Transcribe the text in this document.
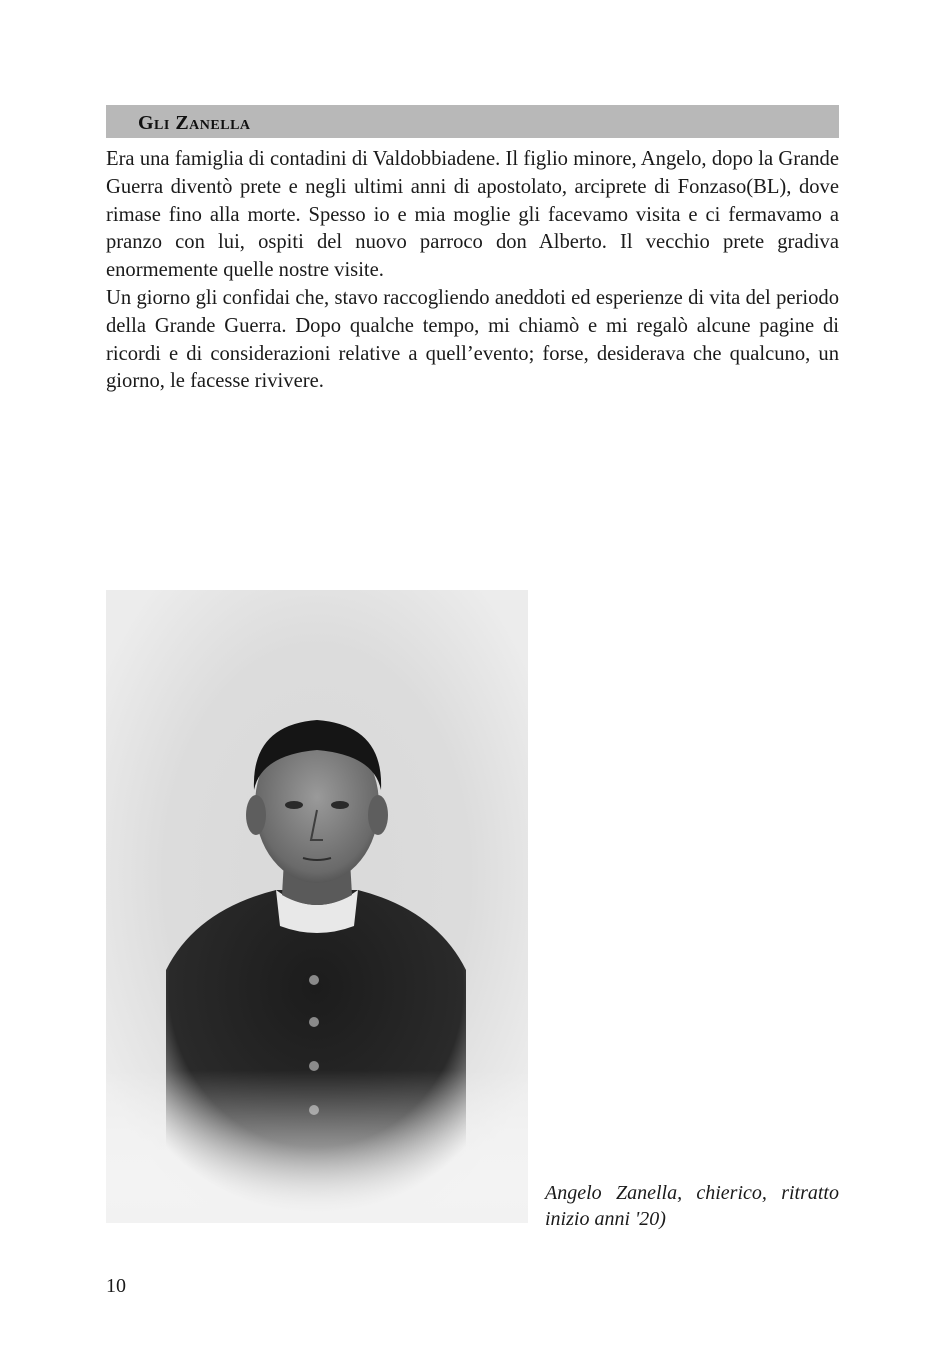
Gli Zanella

Era una famiglia di contadini di Valdobbiadene. Il figlio minore, Angelo, dopo la Grande Guerra diventò prete e negli ultimi anni di apostolato, arciprete di Fonzaso(BL), dove rimase fino alla morte. Spesso io e mia moglie gli facevamo visita e ci fermavamo a pranzo con lui, ospiti del nuovo parroco don Alberto. Il vecchio prete gradiva enormemente quelle nostre visite.

Un giorno gli confidai che, stavo raccogliendo aneddoti ed esperienze di vita del periodo della Grande Guerra. Dopo qualche tempo, mi chiamò e mi regalò alcune pagine di ricordi e di considerazioni relative a quell’evento; forse, desiderava che qualcuno, un giorno, le facesse rivivere.

Angelo Zanella, chierico, ritratto inizio anni '20)
10
